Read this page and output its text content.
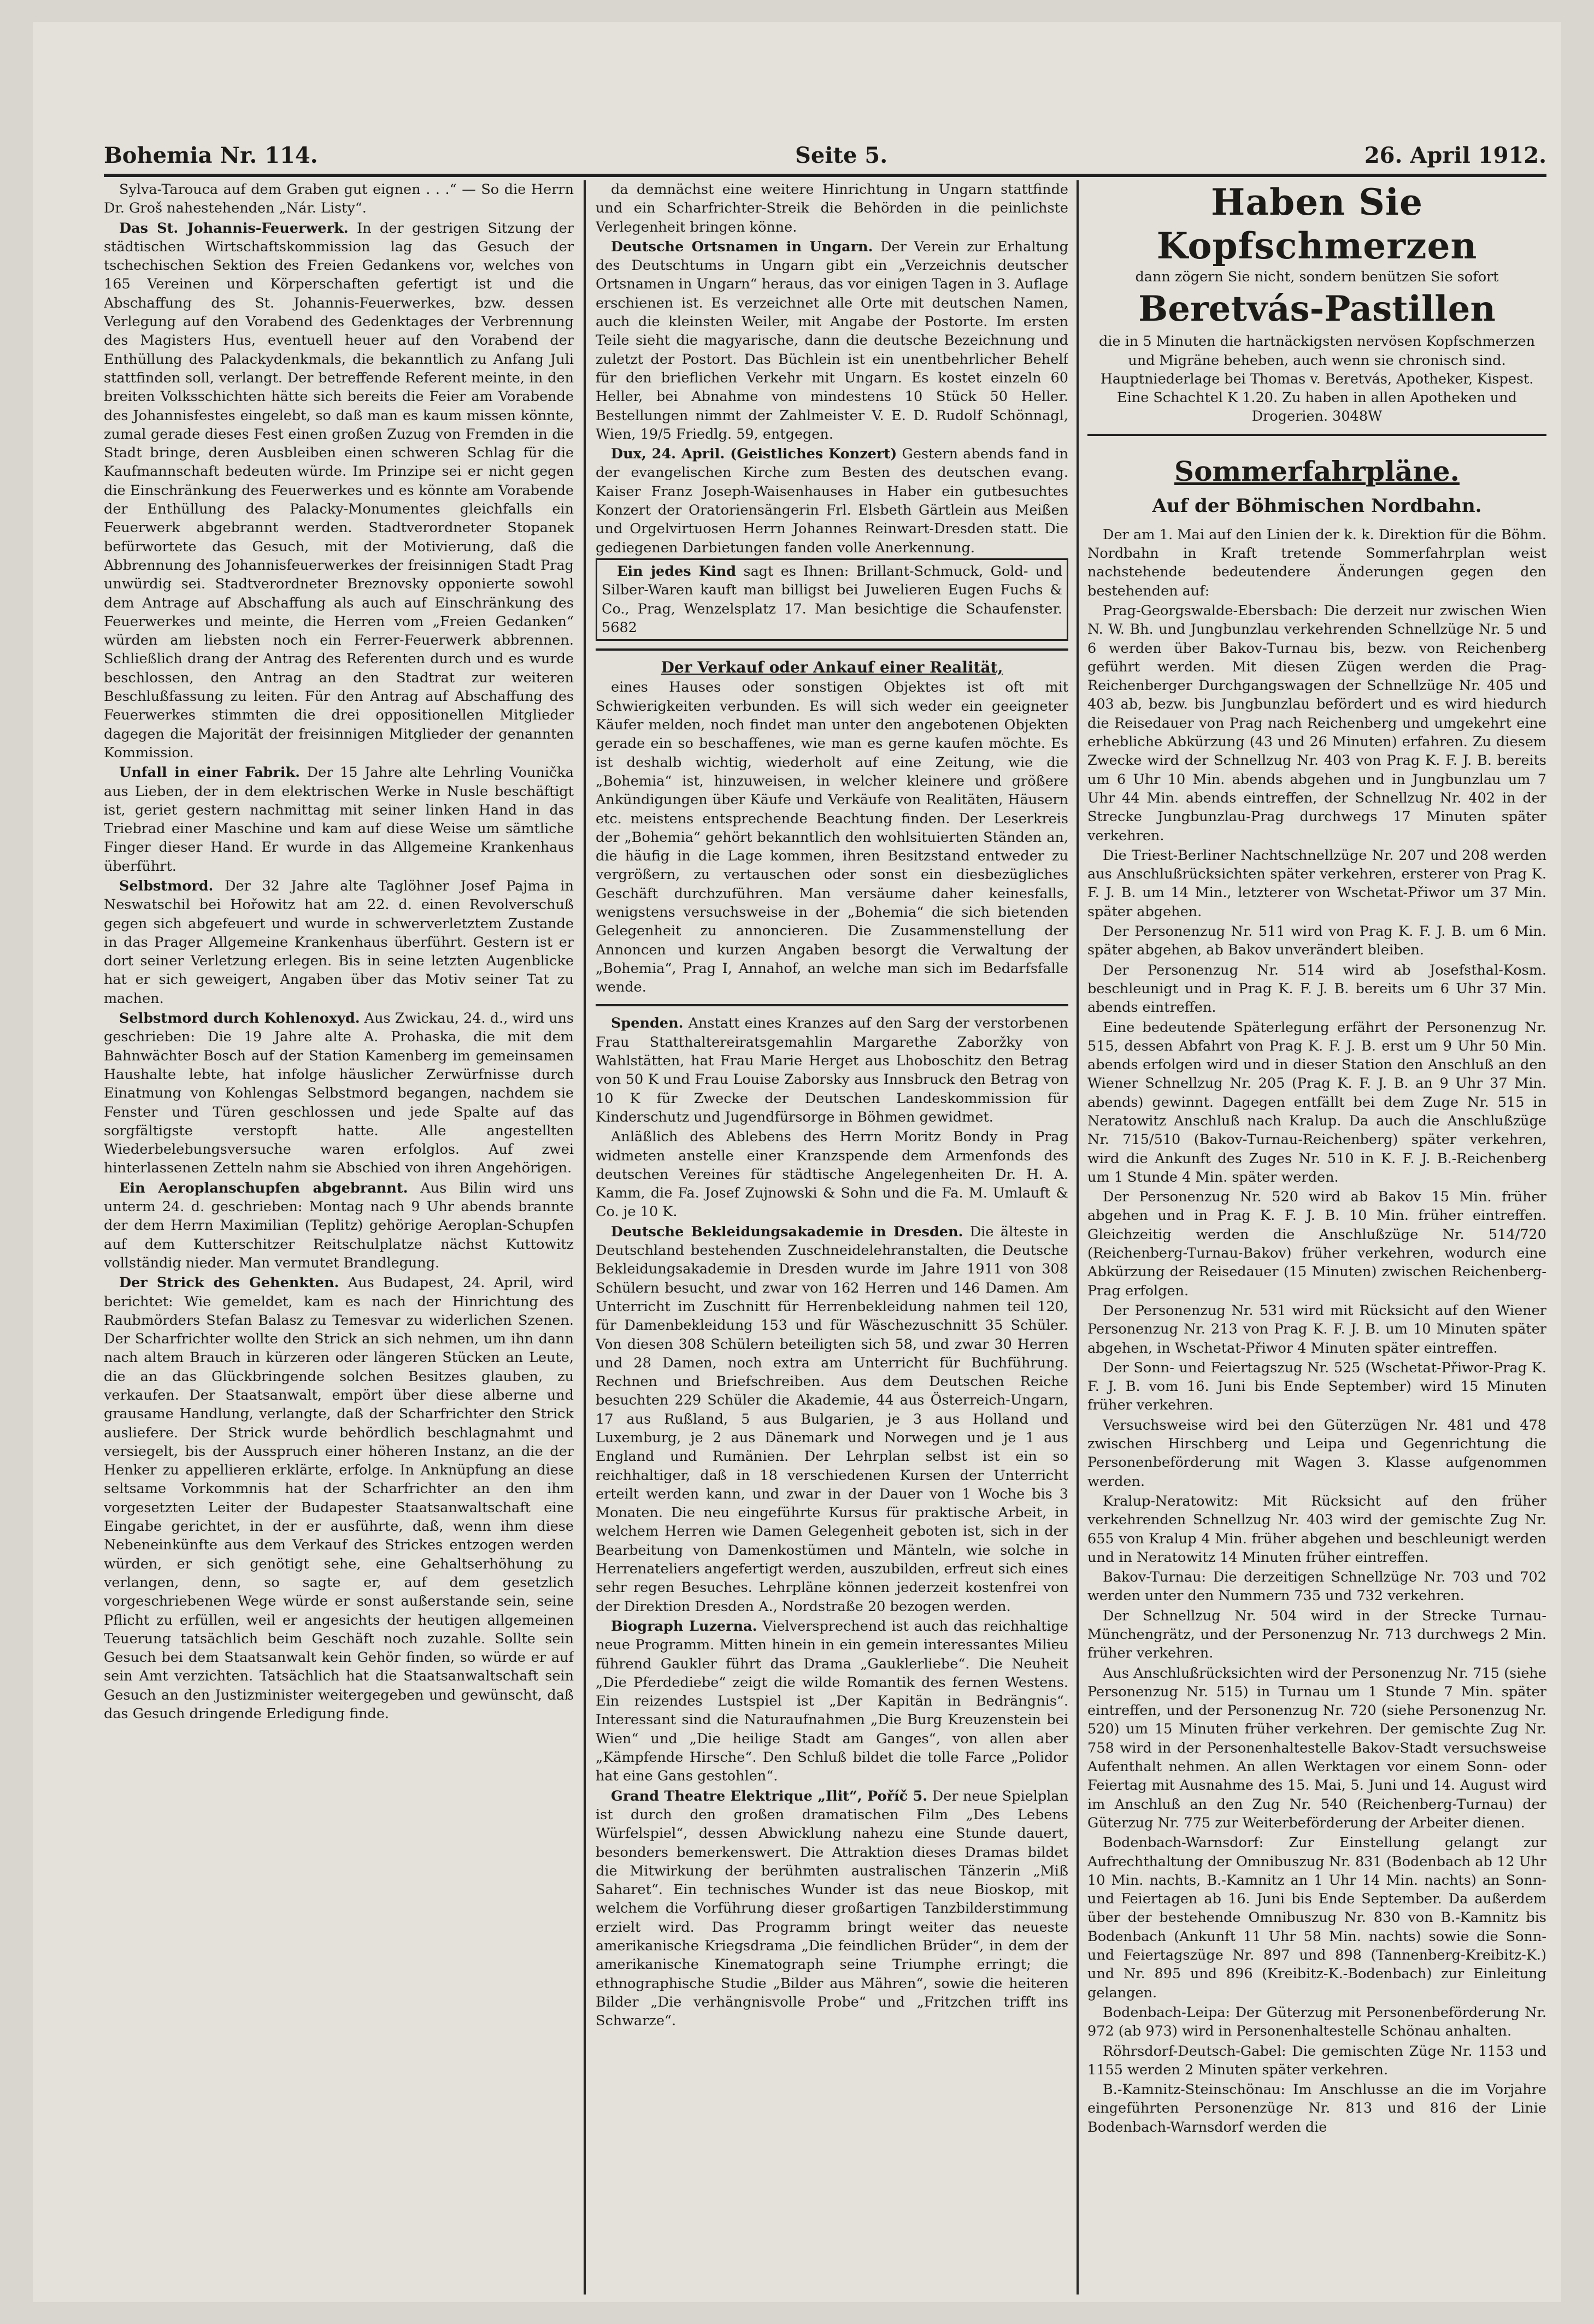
Bohemia Nr. 114.	Seite 5.	26. April 1912.

Sylva-Tarouca auf dem Graben gut eignen . . .“ — So die Herrn Dr. Groš nahestehenden „Nár. Listy“.

Das St. Johannis-Feuerwerk. In der gestrigen Sitzung der städtischen Wirtschaftskommission lag das Gesuch der tschechischen Sektion des Freien Gedankens vor, welches von 165 Vereinen und Körperschaften gefertigt ist und die Abschaffung des St. Johannis-Feuerwerkes, bzw. dessen Verlegung auf den Vorabend des Gedenktages der Verbrennung des Magisters Hus, eventuell heuer auf den Vorabend der Enthüllung des Palackydenkmals, die bekanntlich zu Anfang Juli stattfinden soll, verlangt. Der betreffende Referent meinte, in den breiten Volksschichten hätte sich bereits die Feier am Vorabende des Johannisfestes eingelebt, so daß man es kaum missen könnte, zumal gerade dieses Fest einen großen Zuzug von Fremden in die Stadt bringe, deren Ausbleiben einen schweren Schlag für die Kaufmannschaft bedeuten würde. Im Prinzipe sei er nicht gegen die Einschränkung des Feuerwerkes und es könnte am Vorabende der Enthüllung des Palacky-Monumentes gleichfalls ein Feuerwerk abgebrannt werden. Stadtverordneter Stopanek befürwortete das Gesuch, mit der Motivierung, daß die Abbrennung des Johannisfeuerwerkes der freisinnigen Stadt Prag unwürdig sei. Stadtverordneter Breznovsky opponierte sowohl dem Antrage auf Abschaffung als auch auf Einschränkung des Feuerwerkes und meinte, die Herren vom „Freien Gedanken“ würden am liebsten noch ein Ferrer-Feuerwerk abbrennen. Schließlich drang der Antrag des Referenten durch und es wurde beschlossen, den Antrag an den Stadtrat zur weiteren Beschlußfassung zu leiten. Für den Antrag auf Abschaffung des Feuerwerkes stimmten die drei oppositionellen Mitglieder dagegen die Majorität der freisinnigen Mitglieder der genannten Kommission.

Unfall in einer Fabrik. Der 15 Jahre alte Lehrling Vounička aus Lieben, der in dem elektrischen Werke in Nusle beschäftigt ist, geriet gestern nachmittag mit seiner linken Hand in das Triebrad einer Maschine und kam auf diese Weise um sämtliche Finger dieser Hand. Er wurde in das Allgemeine Krankenhaus überführt.

Selbstmord. Der 32 Jahre alte Taglöhner Josef Pajma in Neswatschil bei Hořowitz hat am 22. d. einen Revolverschuß gegen sich abgefeuert und wurde in schwerverletztem Zustande in das Prager Allgemeine Krankenhaus überführt. Gestern ist er dort seiner Verletzung erlegen. Bis in seine letzten Augenblicke hat er sich geweigert, Angaben über das Motiv seiner Tat zu machen.

Selbstmord durch Kohlenoxyd. Aus Zwickau, 24. d., wird uns geschrieben: Die 19 Jahre alte A. Prohaska, die mit dem Bahnwächter Bosch auf der Station Kamenberg im gemeinsamen Haushalte lebte, hat infolge häuslicher Zerwürfnisse durch Einatmung von Kohlengas Selbstmord begangen, nachdem sie Fenster und Türen geschlossen und jede Spalte auf das sorgfältigste verstopft hatte. Alle angestellten Wiederbelebungsversuche waren erfolglos. Auf zwei hinterlassenen Zetteln nahm sie Abschied von ihren Angehörigen.

Ein Aeroplanschupfen abgebrannt. Aus Bilin wird uns unterm 24. d. geschrieben: Montag nach 9 Uhr abends brannte der dem Herrn Maximilian (Teplitz) gehörige Aeroplan-Schupfen auf dem Kutterschitzer Reitschulplatze nächst Kuttowitz vollständig nieder. Man vermutet Brandlegung.

Der Strick des Gehenkten. Aus Budapest, 24. April, wird berichtet: Wie gemeldet, kam es nach der Hinrichtung des Raubmörders Stefan Balasz zu Temesvar zu widerlichen Szenen. Der Scharfrichter wollte den Strick an sich nehmen, um ihn dann nach altem Brauch in kürzeren oder längeren Stücken an Leute, die an das Glückbringende solchen Besitzes glauben, zu verkaufen. Der Staatsanwalt, empört über diese alberne und grausame Handlung, verlangte, daß der Scharfrichter den Strick ausliefere. Der Strick wurde behördlich beschlagnahmt und versiegelt, bis der Ausspruch einer höheren Instanz, an die der Henker zu appellieren erklärte, erfolge. In Anknüpfung an diese seltsame Vorkommnis hat der Scharfrichter an den ihm vorgesetzten Leiter der Budapester Staatsanwaltschaft eine Eingabe gerichtet, in der er ausführte, daß, wenn ihm diese Nebeneinkünfte aus dem Verkauf des Strickes entzogen werden würden, er sich genötigt sehe, eine Gehaltserhöhung zu verlangen, denn, so sagte er, auf dem gesetzlich vorgeschriebenen Wege würde er sonst außerstande sein, seine Pflicht zu erfüllen, weil er angesichts der heutigen allgemeinen Teuerung tatsächlich beim Geschäft noch zuzahle. Sollte sein Gesuch bei dem Staatsanwalt kein Gehör finden, so würde er auf sein Amt verzichten. Tatsächlich hat die Staatsanwaltschaft sein Gesuch an den Justizminister weitergegeben und gewünscht, daß das Gesuch dringende Erledigung finde.

da demnächst eine weitere Hinrichtung in Ungarn stattfinde und ein Scharfrichter-Streik die Behörden in die peinlichste Verlegenheit bringen könne.

Deutsche Ortsnamen in Ungarn. Der Verein zur Erhaltung des Deutschtums in Ungarn gibt ein „Verzeichnis deutscher Ortsnamen in Ungarn“ heraus, das vor einigen Tagen in 3. Auflage erschienen ist. Es verzeichnet alle Orte mit deutschen Namen, auch die kleinsten Weiler, mit Angabe der Postorte. Im ersten Teile sieht die magyarische, dann die deutsche Bezeichnung und zuletzt der Postort. Das Büchlein ist ein unentbehrlicher Behelf für den brieflichen Verkehr mit Ungarn. Es kostet einzeln 60 Heller, bei Abnahme von mindestens 10 Stück 50 Heller. Bestellungen nimmt der Zahlmeister V. E. D. Rudolf Schönnagl, Wien, 19/5 Friedlg. 59, entgegen.

Dux, 24. April. (Geistliches Konzert) Gestern abends fand in der evangelischen Kirche zum Besten des deutschen evang. Kaiser Franz Joseph-Waisenhauses in Haber ein gutbesuchtes Konzert der Oratoriensängerin Frl. Elsbeth Gärtlein aus Meißen und Orgelvirtuosen Herrn Johannes Reinwart-Dresden statt. Die gediegenen Darbietungen fanden volle Anerkennung.

Ein jedes Kind sagt es Ihnen: Brillant-Schmuck, Gold- und Silber-Waren kauft man billigst bei Juwelieren Eugen Fuchs & Co., Prag, Wenzelsplatz 17. Man besichtige die Schaufenster. 5682

Der Verkauf oder Ankauf einer Realität,

eines Hauses oder sonstigen Objektes ist oft mit Schwierigkeiten verbunden. Es will sich weder ein geeigneter Käufer melden, noch findet man unter den angebotenen Objekten gerade ein so beschaffenes, wie man es gerne kaufen möchte. Es ist deshalb wichtig, wiederholt auf eine Zeitung, wie die „Bohemia“ ist, hinzuweisen, in welcher kleinere und größere Ankündigungen über Käufe und Verkäufe von Realitäten, Häusern etc. meistens entsprechende Beachtung finden. Der Leserkreis der „Bohemia“ gehört bekanntlich den wohlsituierten Ständen an, die häufig in die Lage kommen, ihren Besitzstand entweder zu vergrößern, zu vertauschen oder sonst ein diesbezügliches Geschäft durchzuführen. Man versäume daher keinesfalls, wenigstens versuchsweise in der „Bohemia“ die sich bietenden Gelegenheit zu annoncieren. Die Zusammenstellung der Annoncen und kurzen Angaben besorgt die Verwaltung der „Bohemia“, Prag I, Annahof, an welche man sich im Bedarfsfalle wende.

Spenden. Anstatt eines Kranzes auf den Sarg der verstorbenen Frau Statthaltereiratsgemahlin Margarethe Zaboržky von Wahlstätten, hat Frau Marie Herget aus Lhoboschitz den Betrag von 50 K und Frau Louise Zaborsky aus Innsbruck den Betrag von 10 K für Zwecke der Deutschen Landeskommission für Kinderschutz und Jugendfürsorge in Böhmen gewidmet.

Anläßlich des Ablebens des Herrn Moritz Bondy in Prag widmeten anstelle einer Kranzspende dem Armenfonds des deutschen Vereines für städtische Angelegenheiten Dr. H. A. Kamm, die Fa. Josef Zujnowski & Sohn und die Fa. M. Umlauft & Co. je 10 K.

Deutsche Bekleidungsakademie in Dresden. Die älteste in Deutschland bestehenden Zuschneidelehranstalten, die Deutsche Bekleidungsakademie in Dresden wurde im Jahre 1911 von 308 Schülern besucht, und zwar von 162 Herren und 146 Damen. Am Unterricht im Zuschnitt für Herrenbekleidung nahmen teil 120, für Damenbekleidung 153 und für Wäschezuschnitt 35 Schüler. Von diesen 308 Schülern beteiligten sich 58, und zwar 30 Herren und 28 Damen, noch extra am Unterricht für Buchführung. Rechnen und Briefschreiben. Aus dem Deutschen Reiche besuchten 229 Schüler die Akademie, 44 aus Österreich-Ungarn, 17 aus Rußland, 5 aus Bulgarien, je 3 aus Holland und Luxemburg, je 2 aus Dänemark und Norwegen und je 1 aus England und Rumänien. Der Lehrplan selbst ist ein so reichhaltiger, daß in 18 verschiedenen Kursen der Unterricht erteilt werden kann, und zwar in der Dauer von 1 Woche bis 3 Monaten. Die neu eingeführte Kursus für praktische Arbeit, in welchem Herren wie Damen Gelegenheit geboten ist, sich in der Bearbeitung von Damenkostümen und Mänteln, wie solche in Herrenateliers angefertigt werden, auszubilden, erfreut sich eines sehr regen Besuches. Lehrpläne können jederzeit kostenfrei von der Direktion Dresden A., Nordstraße 20 bezogen werden.

Biograph Luzerna. Vielversprechend ist auch das reichhaltige neue Programm. Mitten hinein in ein gemein interessantes Milieu führend Gaukler führt das Drama „Gauklerliebe“. Die Neuheit „Die Pferdediebe“ zeigt die wilde Romantik des fernen Westens. Ein reizendes Lustspiel ist „Der Kapitän in Bedrängnis“. Interessant sind die Naturaufnahmen „Die Burg Kreuzenstein bei Wien“ und „Die heilige Stadt am Ganges“, von allen aber „Kämpfende Hirsche“. Den Schluß bildet die tolle Farce „Polidor hat eine Gans gestohlen“.

Grand Theatre Elektrique „Ilit“, Poříč 5. Der neue Spielplan ist durch den großen dramatischen Film „Des Lebens Würfelspiel“, dessen Abwicklung nahezu eine Stunde dauert, besonders bemerkenswert. Die Attraktion dieses Dramas bildet die Mitwirkung der berühmten australischen Tänzerin „Miß Saharet“. Ein technisches Wunder ist das neue Bioskop, mit welchem die Vorführung dieser großartigen Tanzbilderstimmung erzielt wird. Das Programm bringt weiter das neueste amerikanische Kriegsdrama „Die feindlichen Brüder“, in dem der amerikanische Kinematograph seine Triumphe erringt; die ethnographische Studie „Bilder aus Mähren“, sowie die heiteren Bilder „Die verhängnisvolle Probe“ und „Fritzchen trifft ins Schwarze“.

Haben Sie Kopfschmerzen

dann zögern Sie nicht, sondern benützen Sie sofort

Beretvás-Pastillen

die in 5 Minuten die hartnäckigsten nervösen Kopfschmerzen und Migräne beheben, auch wenn sie chronisch sind. Hauptniederlage bei Thomas v. Beretvás, Apotheker, Kispest. Eine Schachtel K 1.20. Zu haben in allen Apotheken und Drogerien. 3048W

Sommerfahrpläne.

Auf der Böhmischen Nordbahn.

Der am 1. Mai auf den Linien der k. k. Direktion für die Böhm. Nordbahn in Kraft tretende Sommerfahrplan weist nachstehende bedeutendere Änderungen gegen den bestehenden auf:

Prag-Georgswalde-Ebersbach: Die derzeit nur zwischen Wien N. W. Bh. und Jungbunzlau verkehrenden Schnellzüge Nr. 5 und 6 werden über Bakov-Turnau bis, bezw. von Reichenberg geführt werden. Mit diesen Zügen werden die Prag-Reichenberger Durchgangswagen der Schnellzüge Nr. 405 und 403 ab, bezw. bis Jungbunzlau befördert und es wird hiedurch die Reisedauer von Prag nach Reichenberg und umgekehrt eine erhebliche Abkürzung (43 und 26 Minuten) erfahren. Zu diesem Zwecke wird der Schnellzug Nr. 403 von Prag K. F. J. B. bereits um 6 Uhr 10 Min. abends abgehen und in Jungbunzlau um 7 Uhr 44 Min. abends eintreffen, der Schnellzug Nr. 402 in der Strecke Jungbunzlau-Prag durchwegs 17 Minuten später verkehren.

Die Triest-Berliner Nachtschnellzüge Nr. 207 und 208 werden aus Anschlußrücksichten später verkehren, ersterer von Prag K. F. J. B. um 14 Min., letzterer von Wschetat-Přiwor um 37 Min. später abgehen.

Der Personenzug Nr. 511 wird von Prag K. F. J. B. um 6 Min. später abgehen, ab Bakov unverändert bleiben.

Der Personenzug Nr. 514 wird ab Josefsthal-Kosm. beschleunigt und in Prag K. F. J. B. bereits um 6 Uhr 37 Min. abends eintreffen.

Eine bedeutende Späterlegung erfährt der Personenzug Nr. 515, dessen Abfahrt von Prag K. F. J. B. erst um 9 Uhr 50 Min. abends erfolgen wird und in dieser Station den Anschluß an den Wiener Schnellzug Nr. 205 (Prag K. F. J. B. an 9 Uhr 37 Min. abends) gewinnt. Dagegen entfällt bei dem Zuge Nr. 515 in Neratowitz Anschluß nach Kralup. Da auch die Anschlußzüge Nr. 715/510 (Bakov-Turnau-Reichenberg) später verkehren, wird die Ankunft des Zuges Nr. 510 in K. F. J. B.-Reichenberg um 1 Stunde 4 Min. später werden.

Der Personenzug Nr. 520 wird ab Bakov 15 Min. früher abgehen und in Prag K. F. J. B. 10 Min. früher eintreffen. Gleichzeitig werden die Anschlußzüge Nr. 514/720 (Reichenberg-Turnau-Bakov) früher verkehren, wodurch eine Abkürzung der Reisedauer (15 Minuten) zwischen Reichenberg-Prag erfolgen.

Der Personenzug Nr. 531 wird mit Rücksicht auf den Wiener Personenzug Nr. 213 von Prag K. F. J. B. um 10 Minuten später abgehen, in Wschetat-Přiwor 4 Minuten später eintreffen.

Der Sonn- und Feiertagszug Nr. 525 (Wschetat-Přiwor-Prag K. F. J. B. vom 16. Juni bis Ende September) wird 15 Minuten früher verkehren.

Versuchsweise wird bei den Güterzügen Nr. 481 und 478 zwischen Hirschberg und Leipa und Gegenrichtung die Personenbeförderung mit Wagen 3. Klasse aufgenommen werden.

Kralup-Neratowitz: Mit Rücksicht auf den früher verkehrenden Schnellzug Nr. 403 wird der gemischte Zug Nr. 655 von Kralup 4 Min. früher abgehen und beschleunigt werden und in Neratowitz 14 Minuten früher eintreffen.

Bakov-Turnau: Die derzeitigen Schnellzüge Nr. 703 und 702 werden unter den Nummern 735 und 732 verkehren.

Der Schnellzug Nr. 504 wird in der Strecke Turnau-Münchengrätz, und der Personenzug Nr. 713 durchwegs 2 Min. früher verkehren.

Aus Anschlußrücksichten wird der Personenzug Nr. 715 (siehe Personenzug Nr. 515) in Turnau um 1 Stunde 7 Min. später eintreffen, und der Personenzug Nr. 720 (siehe Personenzug Nr. 520) um 15 Minuten früher verkehren. Der gemischte Zug Nr. 758 wird in der Personenhaltestelle Bakov-Stadt versuchsweise Aufenthalt nehmen. An allen Werktagen vor einem Sonn- oder Feiertag mit Ausnahme des 15. Mai, 5. Juni und 14. August wird im Anschluß an den Zug Nr. 540 (Reichenberg-Turnau) der Güterzug Nr. 775 zur Weiterbeförderung der Arbeiter dienen.

Bodenbach-Warnsdorf: Zur Einstellung gelangt zur Aufrechthaltung der Omnibuszug Nr. 831 (Bodenbach ab 12 Uhr 10 Min. nachts, B.-Kamnitz an 1 Uhr 14 Min. nachts) an Sonn- und Feiertagen ab 16. Juni bis Ende September. Da außerdem über der bestehende Omnibuszug Nr. 830 von B.-Kamnitz bis Bodenbach (Ankunft 11 Uhr 58 Min. nachts) sowie die Sonn- und Feiertagszüge Nr. 897 und 898 (Tannenberg-Kreibitz-K.) und Nr. 895 und 896 (Kreibitz-K.-Bodenbach) zur Einleitung gelangen.

Bodenbach-Leipa: Der Güterzug mit Personenbeförderung Nr. 972 (ab 973) wird in Personenhaltestelle Schönau anhalten.

Röhrsdorf-Deutsch-Gabel: Die gemischten Züge Nr. 1153 und 1155 werden 2 Minuten später verkehren.

B.-Kamnitz-Steinschönau: Im Anschlusse an die im Vorjahre eingeführten Personenzüge Nr. 813 und 816 der Linie Bodenbach-Warnsdorf werden die
